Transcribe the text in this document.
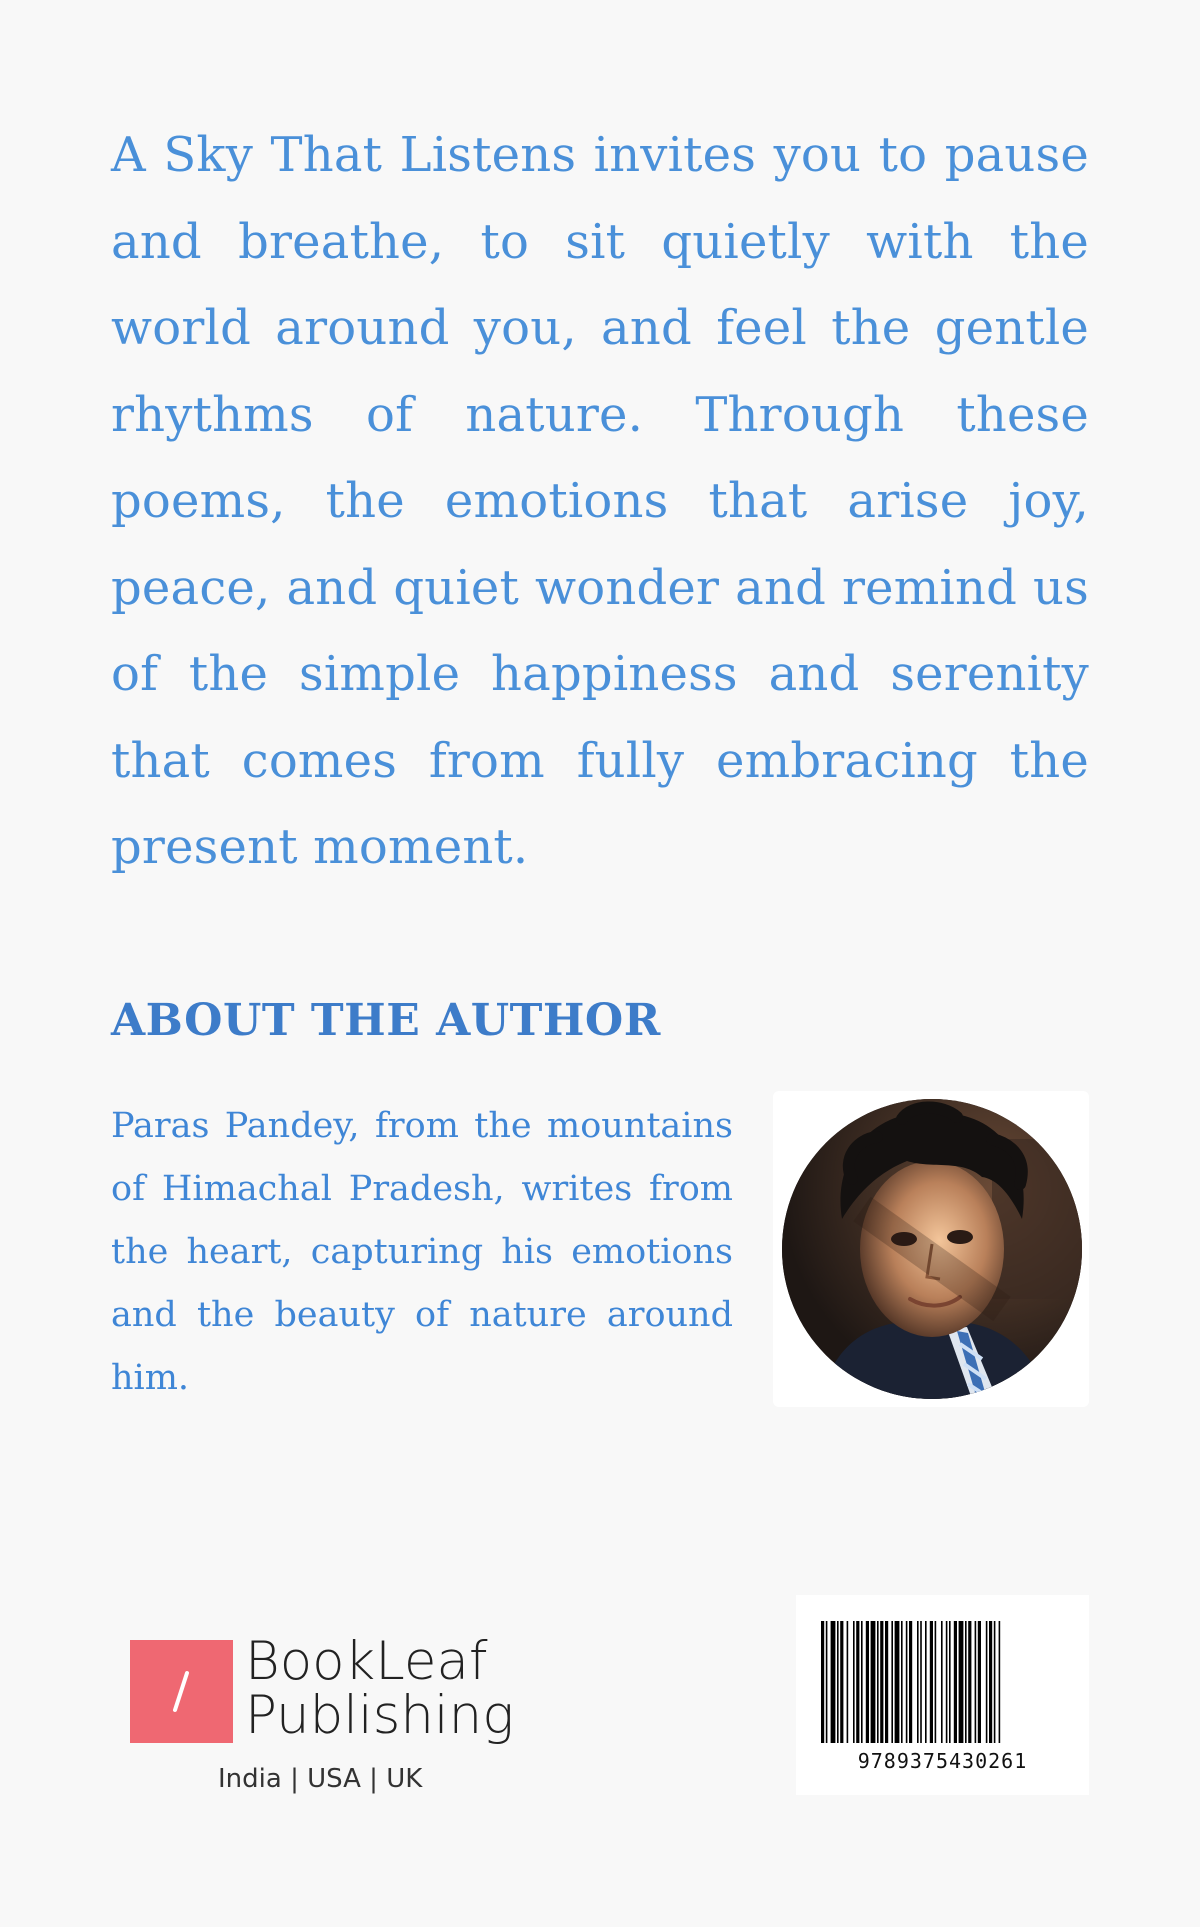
A Sky That Listens invites you to pause and breathe, to sit quietly with the world around you, and feel the gentle rhythms of nature. Through these poems, the emotions that arise joy, peace, and quiet wonder and remind us of the simple happiness and serenity that comes from fully embracing the present moment.

ABOUT THE AUTHOR

Paras Pandey, from the mountains of Himachal Pradesh, writes from the heart, capturing his emotions and the beauty of nature around him.

BookLeaf

Publishing

India | USA | UK

9789375430261
